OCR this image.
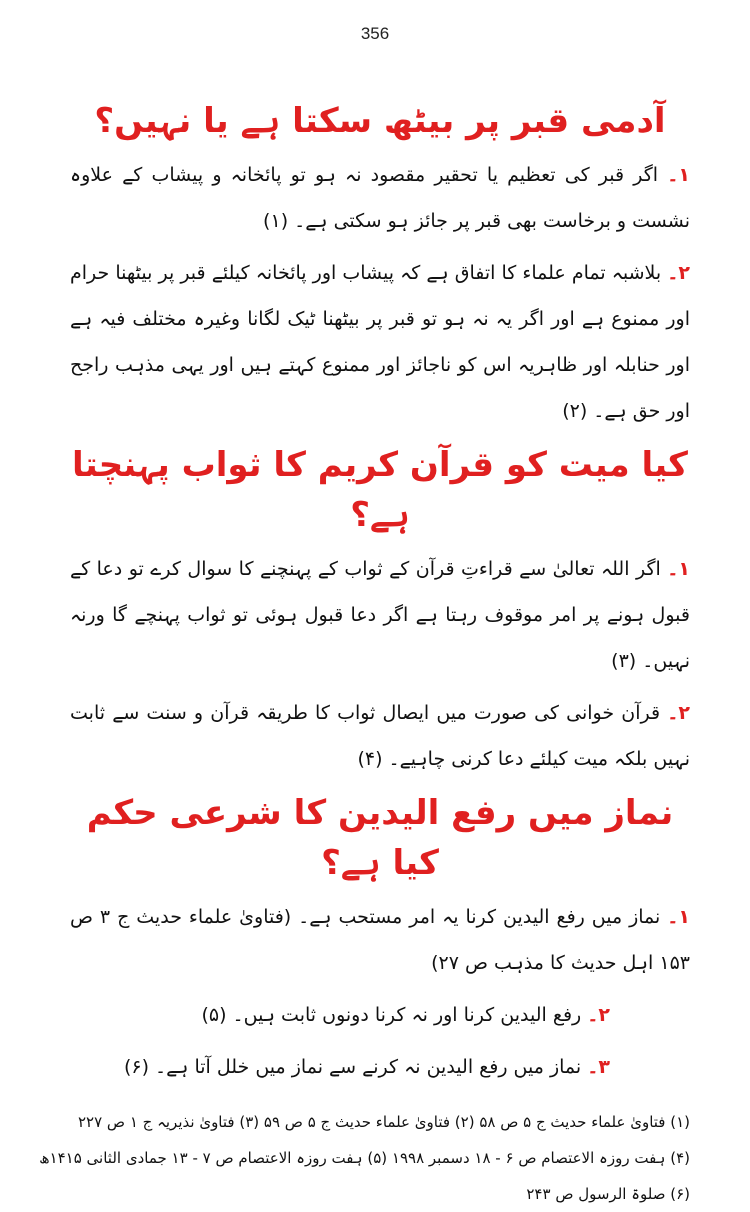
356
آدمی قبر پر بیٹھ سکتا ہے یا نہیں؟

۱۔ اگر قبر کی تعظیم یا تحقیر مقصود نہ ہو تو پائخانہ و پیشاب کے علاوہ نشست و برخاست بھی قبر پر جائز ہو سکتی ہے۔ (۱)

۲۔ بلاشبہ تمام علماء کا اتفاق ہے کہ پیشاب اور پائخانہ کیلئے قبر پر بیٹھنا حرام اور ممنوع ہے اور اگر یہ نہ ہو تو قبر پر بیٹھنا ٹیک لگانا وغیرہ مختلف فیہ ہے اور حنابلہ اور ظاہریہ اس کو ناجائز اور ممنوع کہتے ہیں اور یہی مذہب راجح اور حق ہے۔ (۲)

کیا میت کو قرآن کریم کا ثواب پہنچتا ہے؟

۱۔ اگر اللہ تعالیٰ سے قراءتِ قرآن کے ثواب کے پہنچنے کا سوال کرے تو دعا کے قبول ہونے پر امر موقوف رہتا ہے اگر دعا قبول ہوئی تو ثواب پہنچے گا ورنہ نہیں۔ (۳)

۲۔ قرآن خوانی کی صورت میں ایصال ثواب کا طریقہ قرآن و سنت سے ثابت نہیں بلکہ میت کیلئے دعا کرنی چاہیے۔ (۴)

نماز میں رفع الیدین کا شرعی حکم کیا ہے؟

۱۔ نماز میں رفع الیدین کرنا یہ امر مستحب ہے۔ (فتاویٰ علماء حدیث ج ۳ ص ۱۵۳ اہل حدیث کا مذہب ص ۲۷)

۲۔ رفع الیدین کرنا اور نہ کرنا دونوں ثابت ہیں۔ (۵)

۳۔ نماز میں رفع الیدین نہ کرنے سے نماز میں خلل آتا ہے۔ (۶)

(۱) فتاویٰ علماء حدیث ج ۵ ص ۵۸ (۲) فتاویٰ علماء حدیث ج ۵ ص ۵۹ (۳) فتاویٰ نذیریہ ج ۱ ص ۲۲۷
(۴) ہفت روزہ الاعتصام ص ۶ - ۱۸ دسمبر ۱۹۹۸ (۵) ہفت روزہ الاعتصام ص ۷ - ۱۳ جمادی الثانی ۱۴۱۵ھ
(۶) صلوۃ الرسول ص ۲۴۳
